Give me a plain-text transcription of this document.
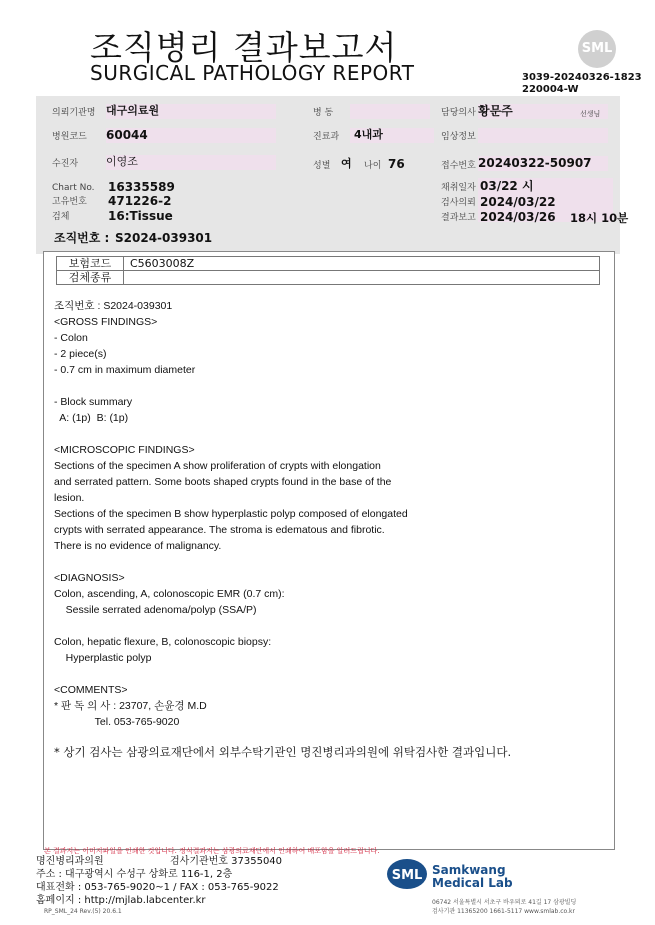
조직병리 결과보고서
SURGICAL PATHOLOGY REPORT
SML
3039-20240326-1823
220004-W
의뢰기관명 대구의료원	병 동	담당의사 황문주	선생님
병원코드 60044	진료과	4내과	임상정보
수진자	이영조	성별 여 나이 76	접수번호 20240322-50907
Chart No. 16335589
고유번호 471226-2
검체	16:Tissue
채취일자 03/22 시
검사의뢰 2024/03/22
결과보고 2024/03/26 18시 10분
조직번호 : S2024-039301
보험코드	C5603008Z
검체종류	
조직번호 : S2024-039301
<GROSS FINDINGS>
- Colon
- 2 piece(s)
- 0.7 cm in maximum diameter

- Block summary
A: (1p)  B: (1p)

<MICROSCOPIC FINDINGS>
Sections of the specimen A show proliferation of crypts with elongation
and serrated pattern. Some boots shaped crypts found in the base of the
lesion.
Sections of the specimen B show hyperplastic polyp composed of elongated
crypts with serrated appearance. The stroma is edematous and fibrotic.
There is no evidence of malignancy.

<DIAGNOSIS>
Colon, ascending, A, colonoscopic EMR (0.7 cm):
Sessile serrated adenoma/polyp (SSA/P)

Colon, hepatic flexure, B, colonoscopic biopsy:
Hyperplastic polyp

<COMMENTS>
* 판 독 의 사 : 23707, 손윤경 M.D
Tel. 053-765-9020
* 상기 검사는 삼광의료재단에서 외부수탁기관인 명진병리과의원에 위탁검사한 결과입니다.
본 결과지는 이미지파일을 인쇄한 것입니다. 정식결과지는 삼광의료재단에서 인쇄하여 배포함을 알려드립니다.
명진병리과의원	검사기관번호 37355040
주소 : 대구광역시 수성구 상화로 116-1, 2층
대표전화 : 053-765-9020~1 / FAX : 053-765-9022
홈페이지 : http://mjlab.labcenter.kr
RP_SML_24 Rev.(5) 20.6.1
SML Samkwang
Medical Lab
06742 서울특별시 서초구 바우뫼로 41길 17 삼광빌딩
검사기관 11365200 1661-5117 www.smlab.co.kr
